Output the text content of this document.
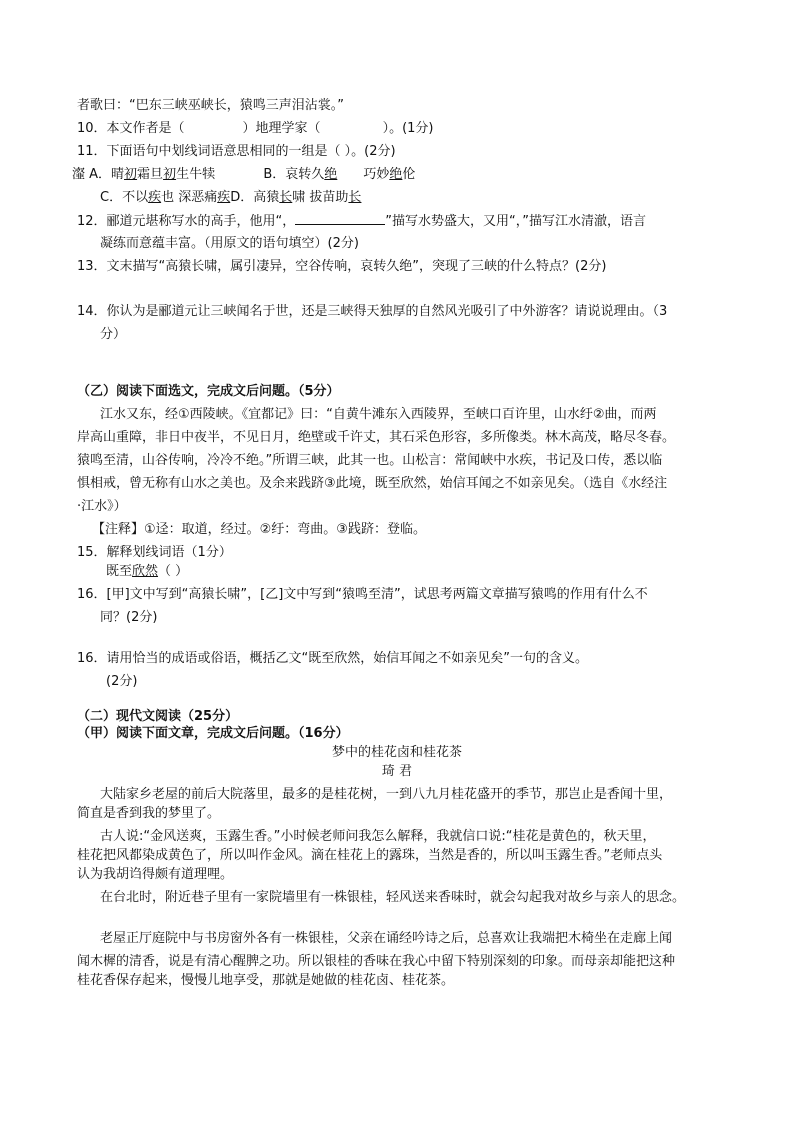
者歌曰：“巴东三峡巫峡长，猿鸣三声泪沾裳。”
10．本文作者是（	）地理学家（	）。(1分)
11．下面语句中划线词语意思相同的一组是（ ）。(2分)
瀣 A．晴初霜旦初生牛犊	B．哀转久绝 巧妙绝伦
C．不以疾也 深恶痛疾D．高猿长啸 拔苗助长
12．郦道元堪称写水的高手，他用“，	”描写水势盛大，又用“，”描写江水清澈，语言
凝练而意蕴丰富。（用原文的语句填空）(2分)
13．文末描写“高猿长啸，属引凄异，空谷传响，哀转久绝”，突现了三峡的什么特点？(2分)
14．你认为是郦道元让三峡闻名于世，还是三峡得天独厚的自然风光吸引了中外游客？请说说理由。（3
分）
（乙）阅读下面选文，完成文后问题。（5分）
江水又东，经①西陵峡。《宜都记》曰：“自黄牛滩东入西陵界，至峡口百许里，山水纡②曲，而两
岸高山重障，非日中夜半，不见日月，绝壁或千许丈，其石采色形容，多所像类。林木高茂，略尽冬春。
猿鸣至清，山谷传响，冷冷不绝。”所谓三峡，此其一也。山松言：常闻峡中水疾，书记及口传，悉以临
惧相戒，曾无称有山水之美也。及余来践跻③此境，既至欣然，始信耳闻之不如亲见矣。（选自《水经注
·江水》）
【注释】①迳：取道，经过。②纡：弯曲。③践跻：登临。
15．解释划线词语（1分）
既至欣然（ ）
16．[甲]文中写到“高猿长啸”，[乙]文中写到“猿鸣至清”，试思考两篇文章描写猿鸣的作用有什么不
同？(2分)
16．请用恰当的成语或俗语，概括乙文“既至欣然，始信耳闻之不如亲见矣”一句的含义。
(2分)
（二）现代文阅读（25分）
（甲）阅读下面文章，完成文后问题。（16分）
梦中的桂花卤和桂花茶
琦 君
大陆家乡老屋的前后大院落里，最多的是桂花树，一到八九月桂花盛开的季节，那岂止是香闻十里，
简直是香到我的梦里了。
古人说:“金风送爽，玉露生香。”小时候老师问我怎么解释，我就信口说:“桂花是黄色的，秋天里，
桂花把风都染成黄色了，所以叫作金风。滴在桂花上的露珠，当然是香的，所以叫玉露生香。”老师点头
认为我胡诌得颇有道理哩。
在台北时，附近巷子里有一家院墙里有一株银桂，轻风送来香味时，就会勾起我对故乡与亲人的思念。
老屋正厅庭院中与书房窗外各有一株银桂，父亲在诵经吟诗之后，总喜欢让我端把木椅坐在走廊上闻
闻木樨的清香，说是有清心醒脾之功。所以银桂的香味在我心中留下特别深刻的印象。而母亲却能把这种
桂花香保存起来，慢慢儿地享受，那就是她做的桂花卤、桂花茶。
